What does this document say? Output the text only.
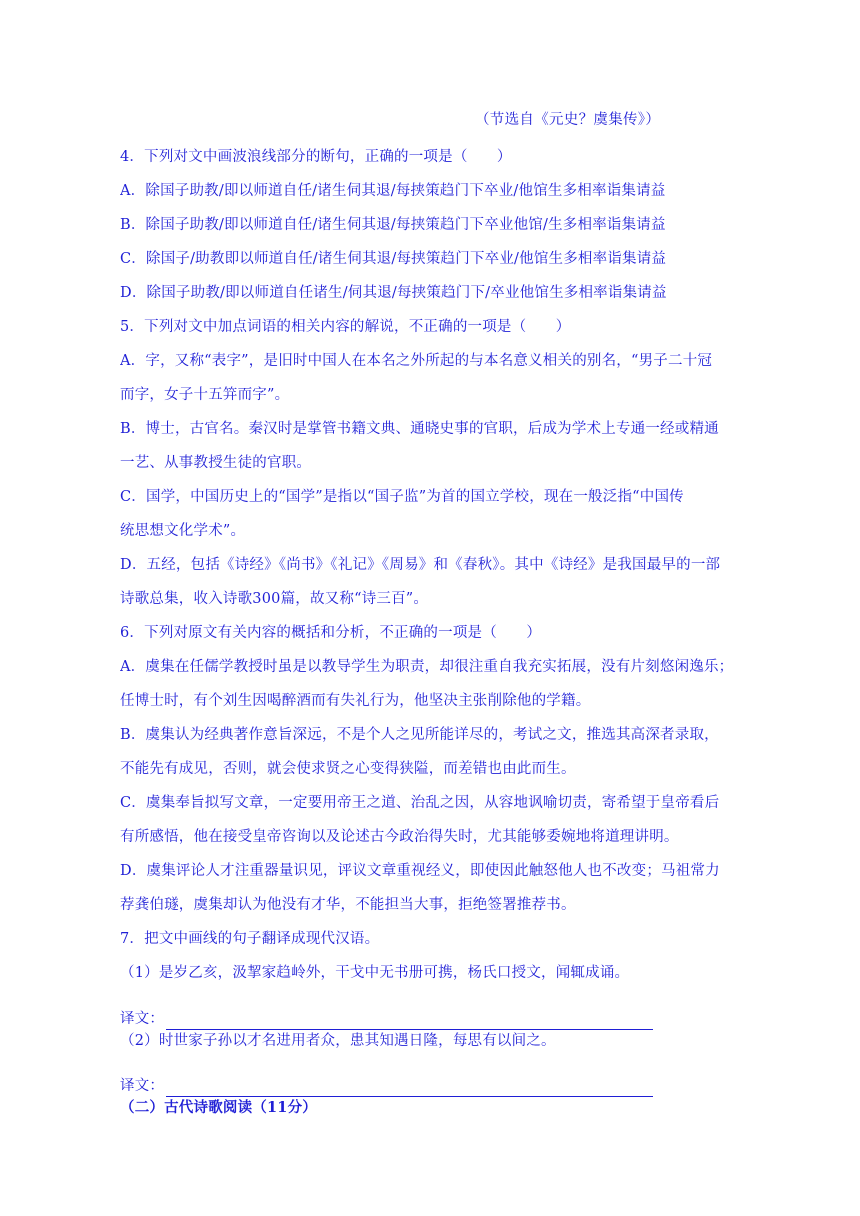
（节选自《元史？虞集传》）
4．下列对文中画波浪线部分的断句，正确的一项是（　　）
A．除国子助教/即以师道自任/诸生伺其退/每挟策趋门下卒业/他馆生多相率诣集请益
B．除国子助教/即以师道自任/诸生伺其退/每挟策趋门下卒业他馆/生多相率诣集请益
C．除国子/助教即以师道自任/诸生伺其退/每挟策趋门下卒业/他馆生多相率诣集请益
D．除国子助教/即以师道自任诸生/伺其退/每挟策趋门下/卒业他馆生多相率诣集请益
5．下列对文中加点词语的相关内容的解说，不正确的一项是（　　）
A．字，又称“表字”，是旧时中国人在本名之外所起的与本名意义相关的别名，“男子二十冠
而字，女子十五笄而字”。
B．博士，古官名。秦汉时是掌管书籍文典、通晓史事的官职，后成为学术上专通一经或精通
一艺、从事教授生徒的官职。
C．国学，中国历史上的“国学”是指以“国子监”为首的国立学校，现在一般泛指“中国传
统思想文化学术”。
D．五经，包括《诗经》《尚书》《礼记》《周易》和《春秋》。其中《诗经》是我国最早的一部
诗歌总集，收入诗歌300篇，故又称“诗三百”。
6．下列对原文有关内容的概括和分析，不正确的一项是（　　）
A．虞集在任儒学教授时虽是以教导学生为职责，却很注重自我充实拓展，没有片刻悠闲逸乐；
任博士时，有个刘生因喝醉酒而有失礼行为，他坚决主张削除他的学籍。
B．虞集认为经典著作意旨深远，不是个人之见所能详尽的，考试之文，推选其高深者录取，
不能先有成见，否则，就会使求贤之心变得狭隘，而差错也由此而生。
C．虞集奉旨拟写文章，一定要用帝王之道、治乱之因，从容地讽喻切责，寄希望于皇帝看后
有所感悟，他在接受皇帝咨询以及论述古今政治得失时，尤其能够委婉地将道理讲明。
D．虞集评论人才注重器量识见，评议文章重视经义，即使因此触怒他人也不改变；马祖常力
荐龚伯璲，虞集却认为他没有才华，不能担当大事，拒绝签署推荐书。
7．把文中画线的句子翻译成现代汉语。
（1）是岁乙亥，汲挈家趋岭外，干戈中无书册可携，杨氏口授文，闻辄成诵。
译文：
（2）时世家子孙以才名进用者众，患其知遇日隆，每思有以间之。
译文：
（二）古代诗歌阅读（11分）
